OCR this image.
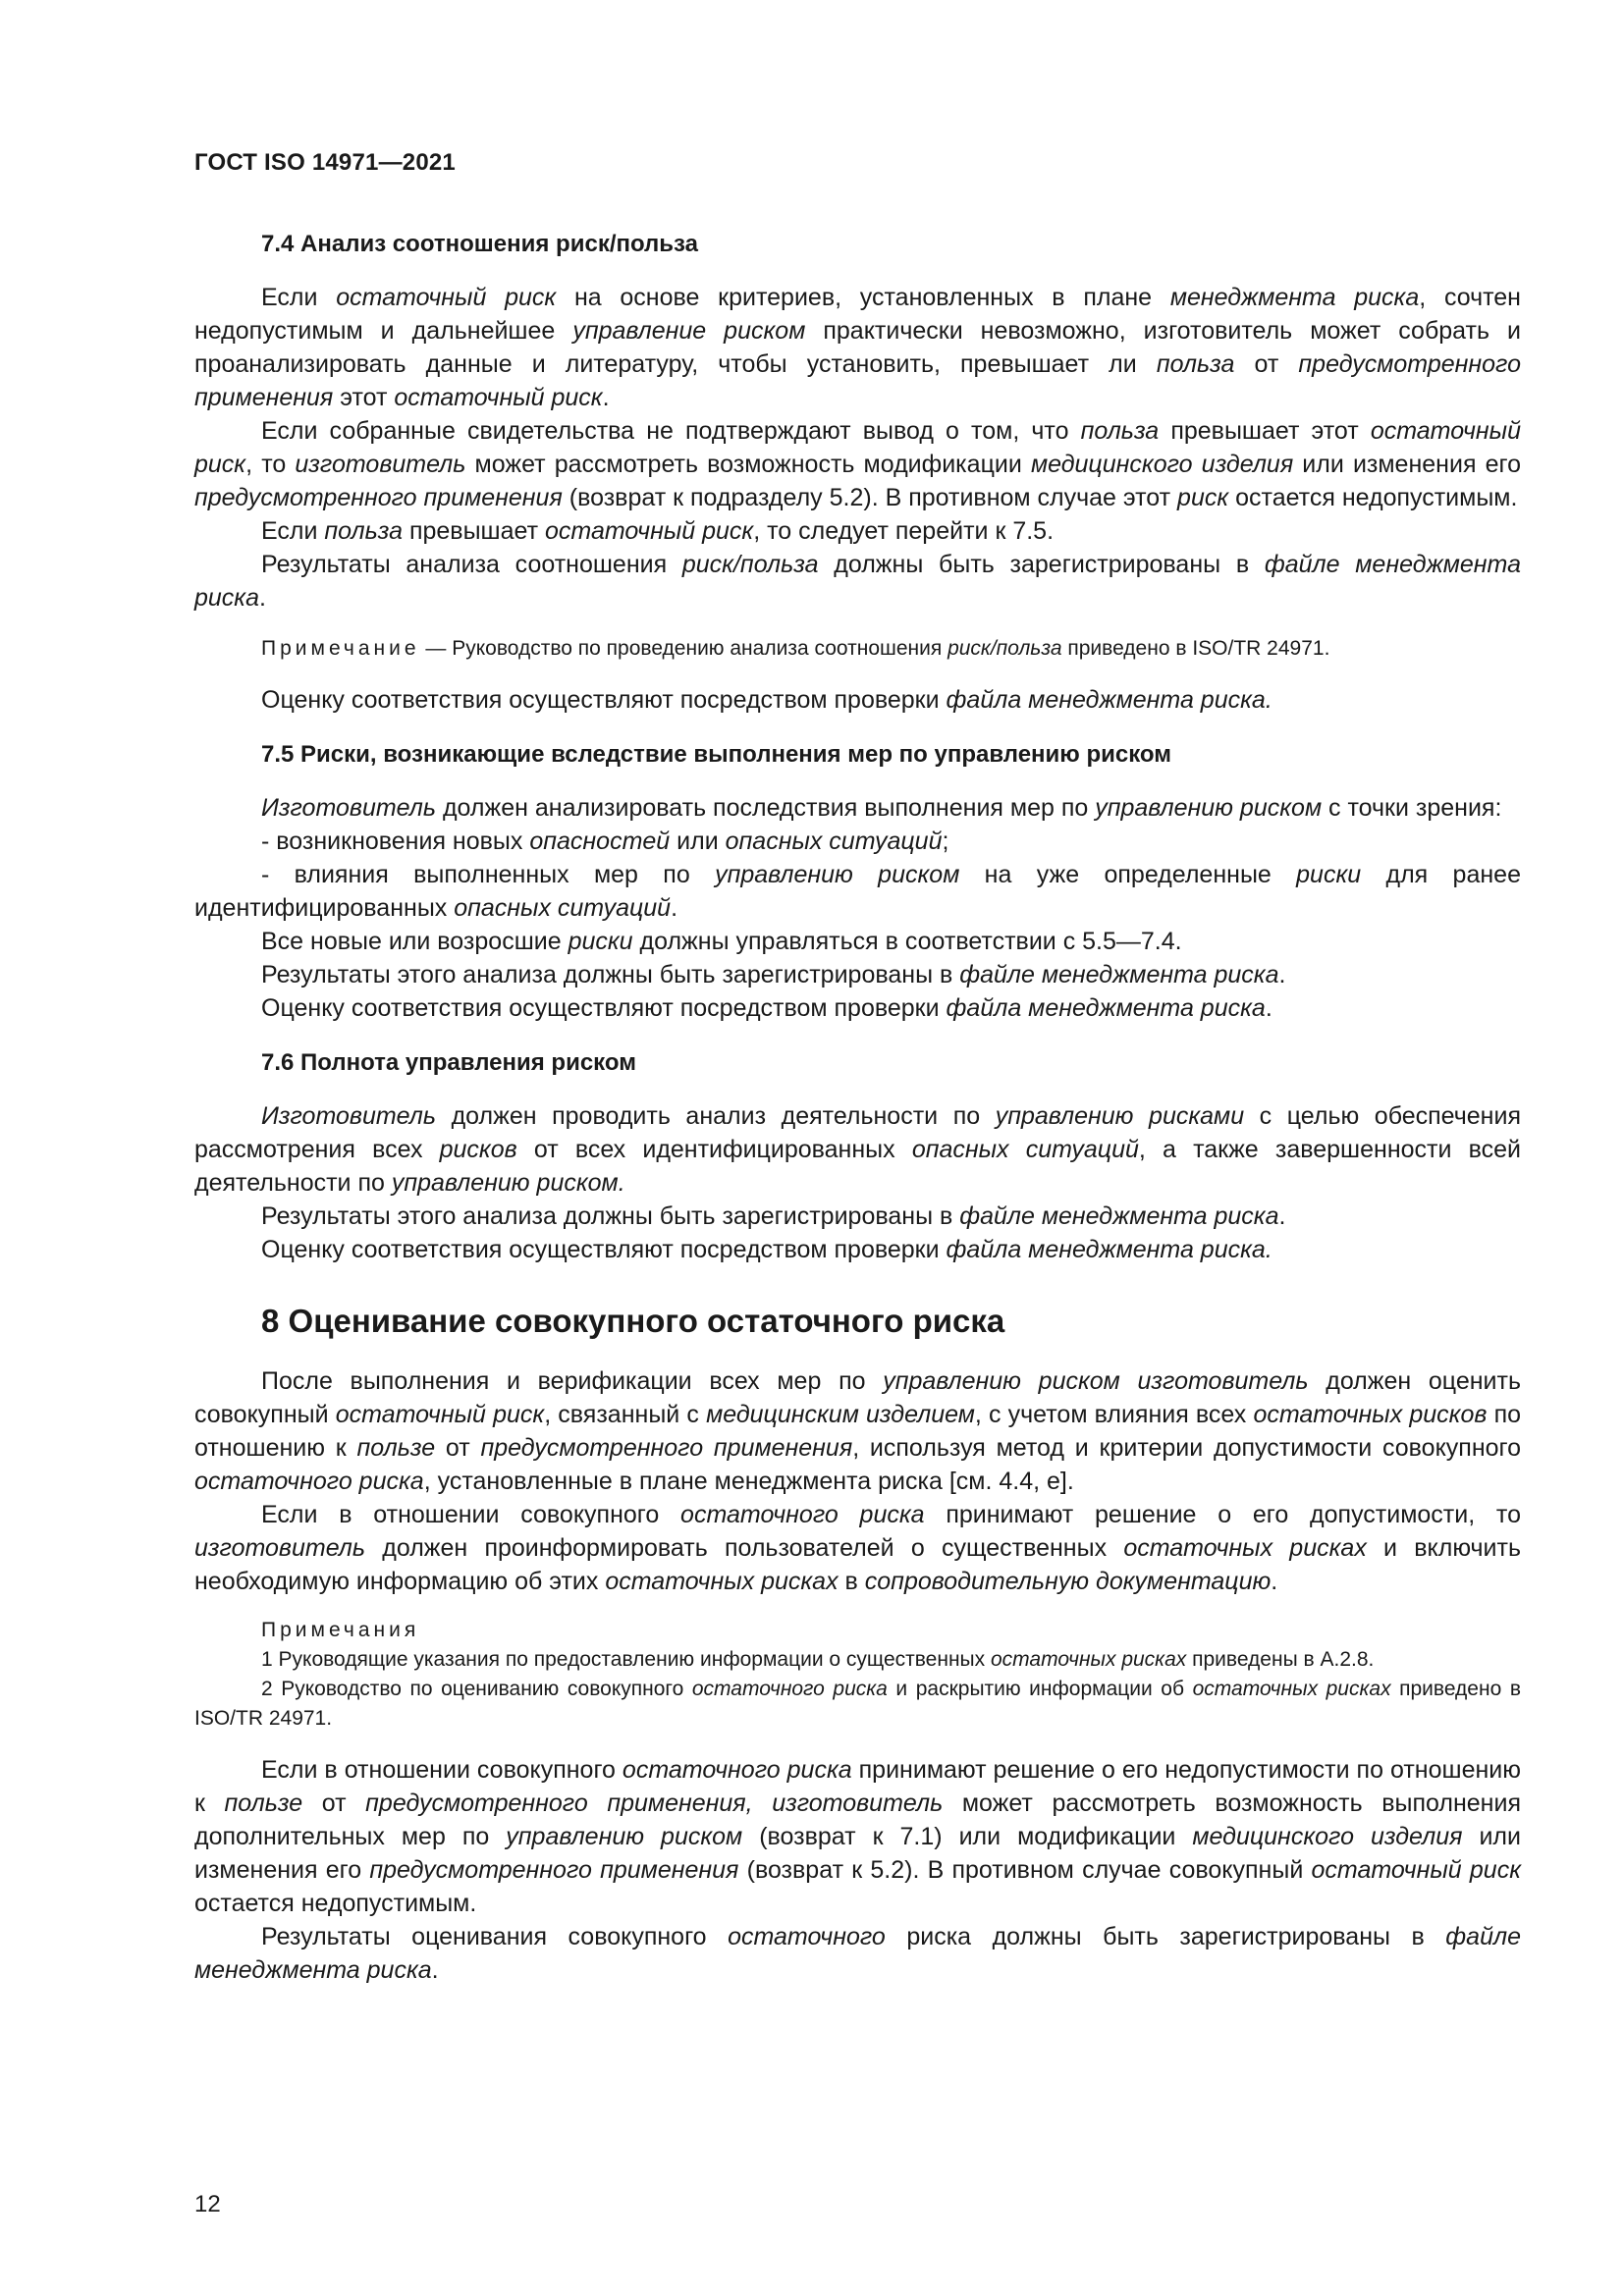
ГОСТ ISO 14971—2021
7.4 Анализ соотношения риск/польза

Если остаточный риск на основе критериев, установленных в плане менеджмента риска, сочтен недопустимым и дальнейшее управление риском практически невозможно, изготовитель может собрать и проанализировать данные и литературу, чтобы установить, превышает ли польза от предусмотренного применения этот остаточный риск.

Если собранные свидетельства не подтверждают вывод о том, что польза превышает этот остаточный риск, то изготовитель может рассмотреть возможность модификации медицинского изделия или изменения его предусмотренного применения (возврат к подразделу 5.2). В противном случае этот риск остается недопустимым.

Если польза превышает остаточный риск, то следует перейти к 7.5.

Результаты анализа соотношения риск/польза должны быть зарегистрированы в файле менеджмента риска.

Примечание — Руководство по проведению анализа соотношения риск/польза приведено в ISO/TR 24971.

Оценку соответствия осуществляют посредством проверки файла менеджмента риска.

7.5 Риски, возникающие вследствие выполнения мер по управлению риском

Изготовитель должен анализировать последствия выполнения мер по управлению риском с точки зрения:

- возникновения новых опасностей или опасных ситуаций;

- влияния выполненных мер по управлению риском на уже определенные риски для ранее идентифицированных опасных ситуаций.

Все новые или возросшие риски должны управляться в соответствии с 5.5—7.4.

Результаты этого анализа должны быть зарегистрированы в файле менеджмента риска.

Оценку соответствия осуществляют посредством проверки файла менеджмента риска.

7.6 Полнота управления риском

Изготовитель должен проводить анализ деятельности по управлению рисками с целью обеспечения рассмотрения всех рисков от всех идентифицированных опасных ситуаций, а также завершенности всей деятельности по управлению риском.

Результаты этого анализа должны быть зарегистрированы в файле менеджмента риска.

Оценку соответствия осуществляют посредством проверки файла менеджмента риска.

8 Оценивание совокупного остаточного риска

После выполнения и верификации всех мер по управлению риском изготовитель должен оценить совокупный остаточный риск, связанный с медицинским изделием, с учетом влияния всех остаточных рисков по отношению к пользе от предусмотренного применения, используя метод и критерии допустимости совокупного остаточного риска, установленные в плане менеджмента риска [см. 4.4, е].

Если в отношении совокупного остаточного риска принимают решение о его допустимости, то изготовитель должен проинформировать пользователей о существенных остаточных рисках и включить необходимую информацию об этих остаточных рисках в сопроводительную документацию.

Примечания

1 Руководящие указания по предоставлению информации о существенных остаточных рисках приведены в А.2.8.

2 Руководство по оцениванию совокупного остаточного риска и раскрытию информации об остаточных рисках приведено в ISO/TR 24971.

Если в отношении совокупного остаточного риска принимают решение о его недопустимости по отношению к пользе от предусмотренного применения, изготовитель может рассмотреть возможность выполнения дополнительных мер по управлению риском (возврат к 7.1) или модификации медицинского изделия или изменения его предусмотренного применения (возврат к 5.2). В противном случае совокупный остаточный риск остается недопустимым.

Результаты оценивания совокупного остаточного риска должны быть зарегистрированы в файле менеджмента риска.

12
